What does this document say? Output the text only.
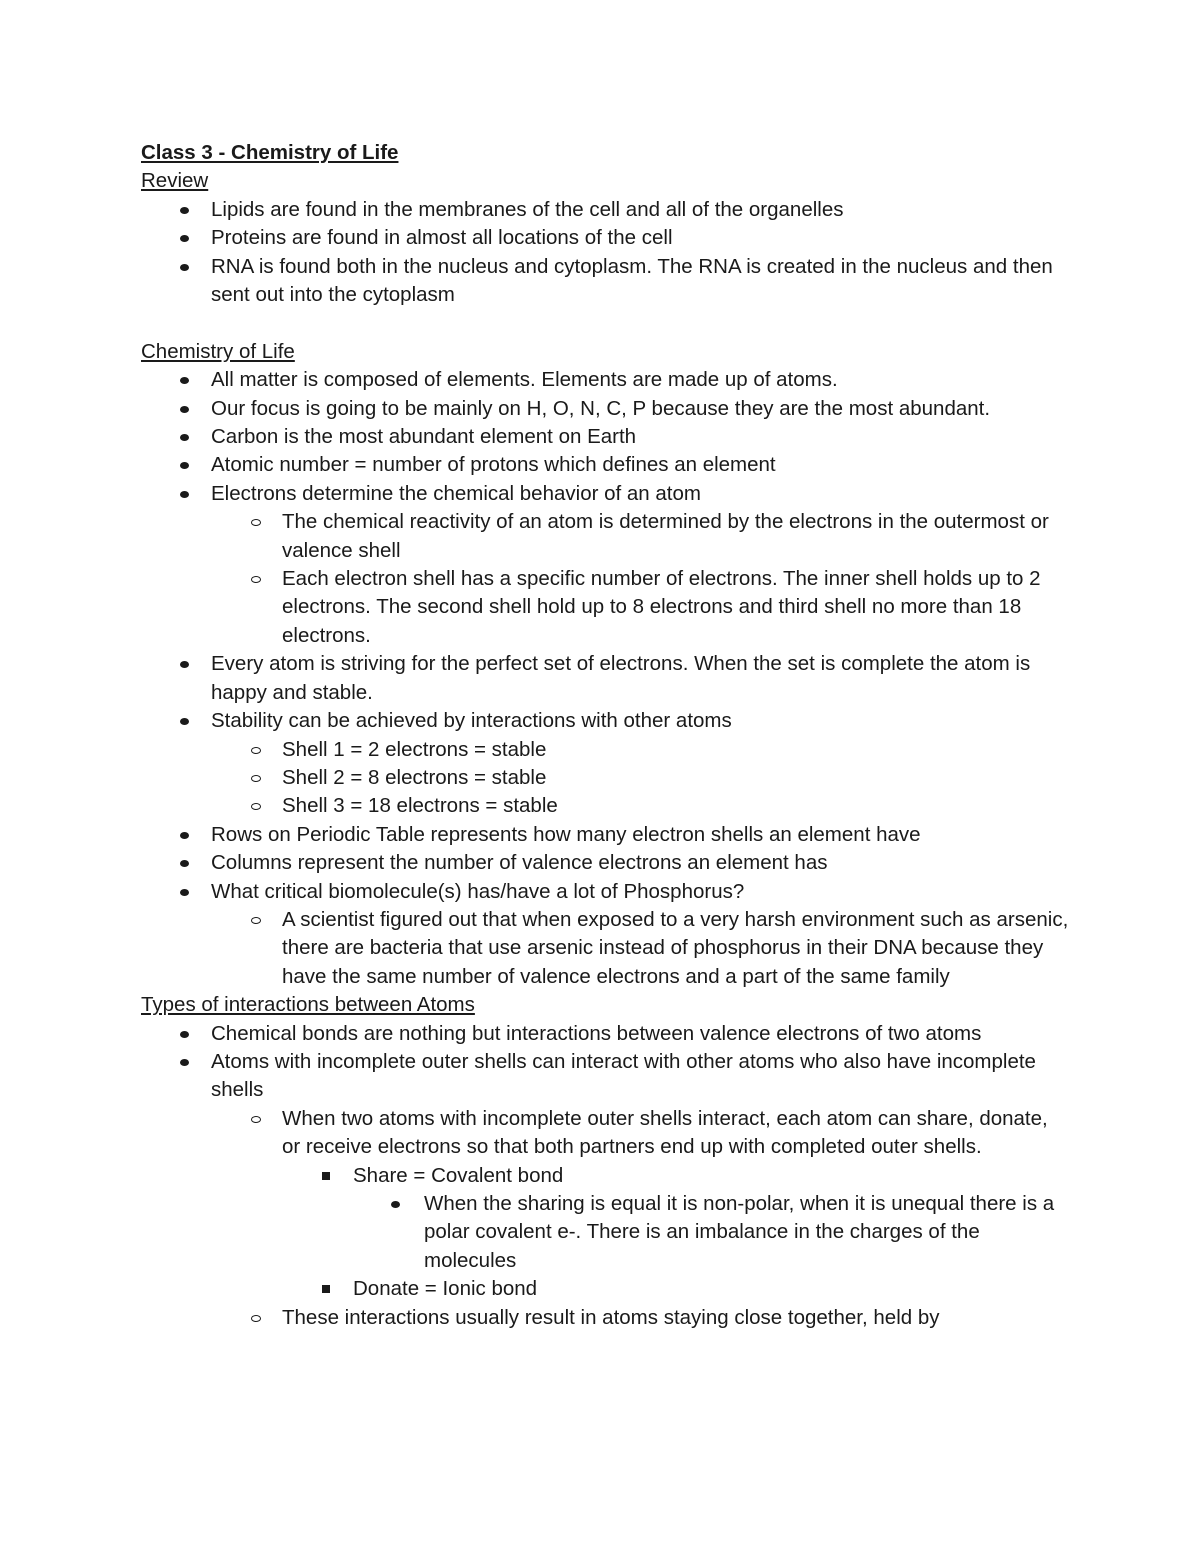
Class 3 - Chemistry of Life
Review
Lipids are found in the membranes of the cell and all of the organelles
Proteins are found in almost all locations of the cell
RNA is found both in the nucleus and cytoplasm. The RNA is created in the nucleus and then sent out into the cytoplasm
Chemistry of Life
All matter is composed of elements. Elements are made up of atoms.
Our focus is going to be mainly on H, O, N, C, P because they are the most abundant.
Carbon is the most abundant element on Earth
Atomic number = number of protons which defines an element
Electrons determine the chemical behavior of an atom
The chemical reactivity of an atom is determined by the electrons in the outermost or valence shell
Each electron shell has a specific number of electrons. The inner shell holds up to 2 electrons. The second shell hold up to 8 electrons and third shell no more than 18 electrons.
Every atom is striving for the perfect set of electrons. When the set is complete the atom is happy and stable.
Stability can be achieved by interactions with other atoms
Shell 1 = 2 electrons = stable
Shell 2 = 8 electrons = stable
Shell 3 = 18 electrons = stable
Rows on Periodic Table represents how many electron shells an element have
Columns represent the number of valence electrons an element has
What critical biomolecule(s) has/have a lot of Phosphorus?
A scientist figured out that when exposed to a very harsh environment such as arsenic, there are bacteria that use arsenic instead of phosphorus in their DNA because they have the same number of valence electrons and a part of the same family
Types of interactions between Atoms
Chemical bonds are nothing but interactions between valence electrons of two atoms
Atoms with incomplete outer shells can interact with other atoms who also have incomplete shells
When two atoms with incomplete outer shells interact, each atom can share, donate, or receive electrons so that both partners end up with completed outer shells.
Share = Covalent bond
When the sharing is equal it is non-polar, when it is unequal there is a polar covalent e-. There is an imbalance in the charges of the molecules
Donate = Ionic bond
These interactions usually result in atoms staying close together, held by
